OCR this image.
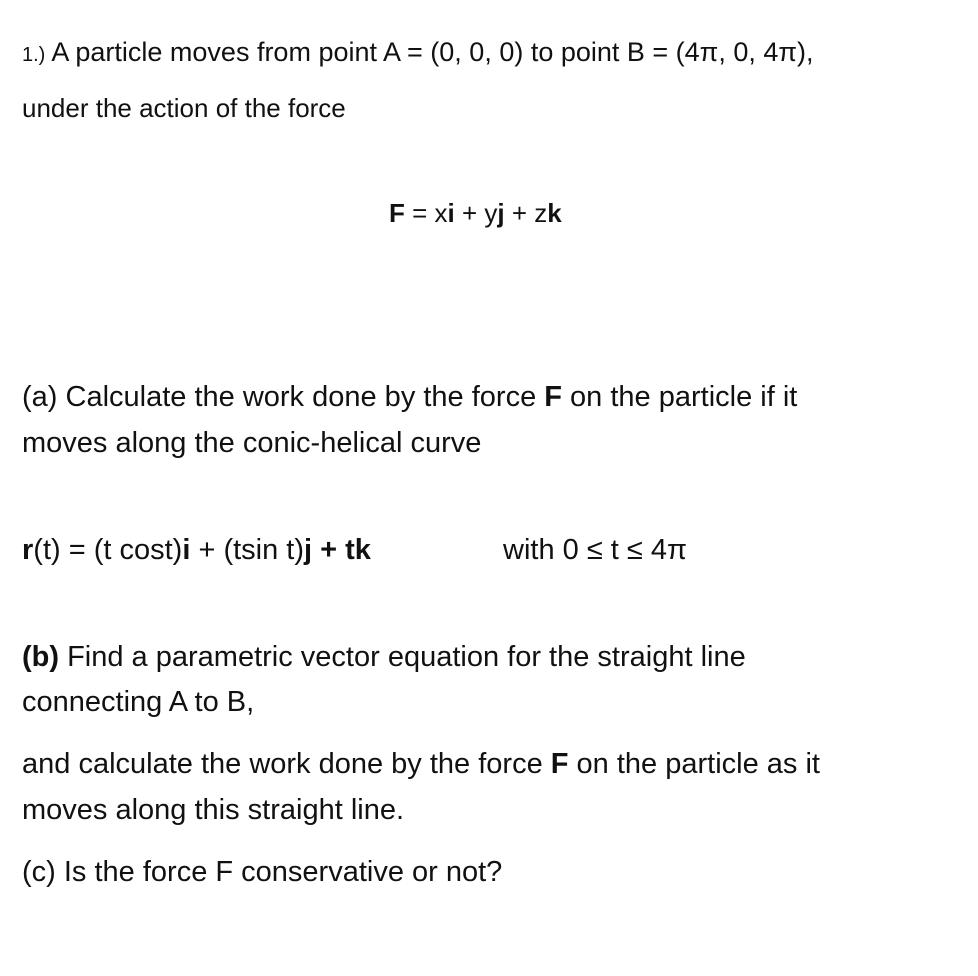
1.) A particle moves from point A = (0, 0, 0) to point B = (4π, 0, 4π),
under the action of the force
F = xi + yj + zk
(a) Calculate the work done by the force F on the particle if it
moves along the conic-helical curve
r(t) = (t cost)i + (tsin t)j + tk	with 0 ≤ t ≤ 4π
(b) Find a parametric vector equation for the straight line
connecting A to B,
and calculate the work done by the force F on the particle as it
moves along this straight line.
(c) Is the force F conservative or not?
